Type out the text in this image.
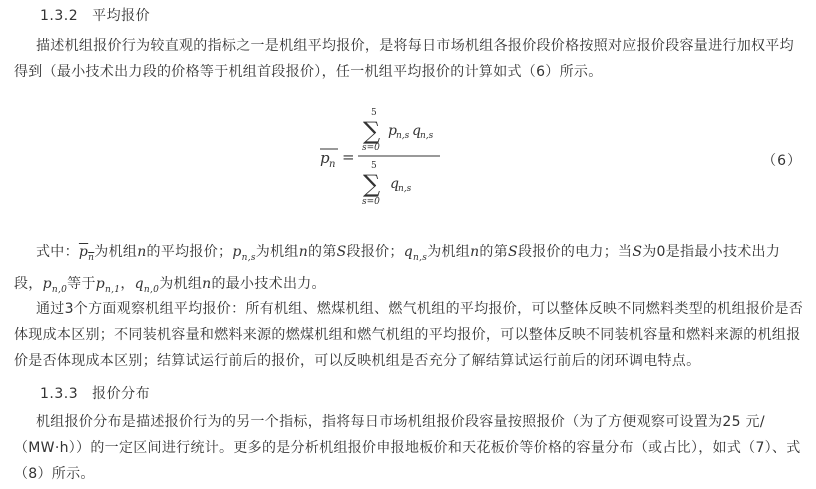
1.3.2 平均报价
描述机组报价行为较直观的指标之一是机组平均报价，是将每日市场机组各报价段价格按照对应报价段容量进行加权平均得到（最小技术出力段的价格等于机组首段报价），任一机组平均报价的计算如式（6）所示。
p n =
5
∑
s=0
p n,s q n,s
5
∑
s=0
q n,s
（6）
式中：$p_n$为机组n的平均报价；$p_{n,s}$为机组n的第S段报价；$q_{n,s}$为机组n的第S段报价的电力；当S为0是指最小技术出力段，$p_{n,0}$等于$p_{n,1}$，$q_{n,0}$为机组n的最小技术出力。
通过3个方面观察机组平均报价：所有机组、燃煤机组、燃气机组的平均报价，可以整体反映不同燃料类型的机组报价是否体现成本区别；不同装机容量和燃料来源的燃煤机组和燃气机组的平均报价，可以整体反映不同装机容量和燃料来源的机组报价是否体现成本区别；结算试运行前后的报价，可以反映机组是否充分了解结算试运行前后的闭环调电特点。
1.3.3 报价分布
机组报价分布是描述报价行为的另一个指标，指将每日市场机组报价段容量按照报价（为了方便观察可设置为25 元/（MW·h））的一定区间进行统计。更多的是分析机组报价申报地板价和天花板价等价格的容量分布（或占比），如式（7）、式（8）所示。
